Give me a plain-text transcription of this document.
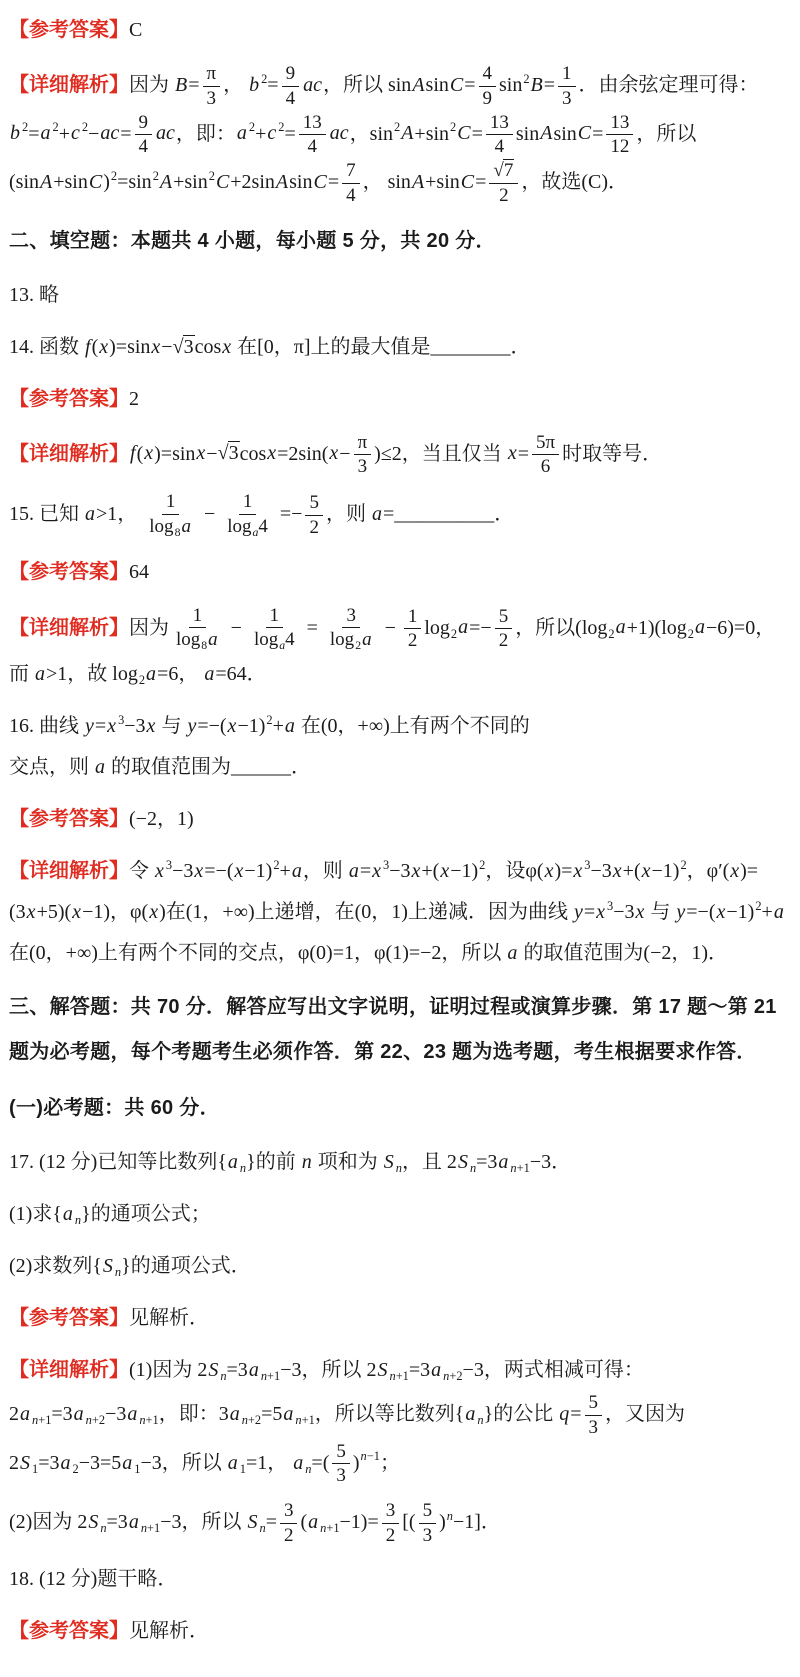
【参考答案】C
【详细解析】因为 $B= \frac{\pi}{3}$ ， b $^2= \frac{9}{4}$ ac，所以 sinAsinC= $\frac{4}{9} \sin^2B= \frac{1}{3}$ ．由余弦定理可得：b $^2$=a $^2$+c $^2-ac= \frac{9}{4}$ ac，即：a $^2$+c $^2= \frac{13}{4}$ ac，$\sin^2A+\sin^2C= \frac{13}{4}$ sinAsinC= $\frac{13}{12}$ ，所以$(\sin A+\sin C)^2=\sin^2A+\sin^2C+2sinAsinC= \frac{7}{4}$ ， $\sin A+\sin C= \frac{√7}{2}$ ，故选(C)．
二、填空题：本题共 4 小题，每小题 5 分，共 20 分．
13. 略
14. 函数 f(x)=sinx−√3cosx 在[0，π]上的最大值是________．
【参考答案】2
【详细解析】$f(x)=\sin x-√3\cos x=2\sin(x- \frac{\pi}{3} )\le 2$，当且仅当 $x= \frac{5\pi}{6}$ 时取等号．
15. 已知 a>1， $\frac{1}{\log_8a} - \frac{1}{\log_a4} =- \frac{5}{2}$ ，则 a=__________．
【参考答案】64
【详细解析】因为 $\frac{1}{\log_8a} - \frac{1}{\log_a4} = \frac{3}{\log_2a} - \frac{1}{2} \log_2a=- \frac{5}{2}$ ，所以$(\log_2a+1)(\log_2a-6)=0$，而 a>1，故 $\log_2a=6$， a=64．
16. 曲线 y=x $^3$−3x 与 $y=-(x-1)^2+a$ 在(0，+∞)上有两个不同的
交点，则 a 的取值范围为______．
【参考答案】(−2，1)
【详细解析】令 x $^3-3x=-(x-1)^2+a$，则 a=x $^3-3x+(x-1)^2$，设φ(x)=x $^3-3x+(x-1)^2$，φ′(x)=(3x+5)(x−1)，φ(x)在(1，+∞)上递增，在(0，1)上递减．因为曲线 y=x $^3$−3x 与 $y=-(x-1)^2+a$ 在(0，+∞)上有两个不同的交点，φ(0)=1，φ(1)=−2，所以 a 的取值范围为(−2，1)．
三、解答题：共 70 分．解答应写出文字说明，证明过程或演算步骤．第 17 题～第 21 题为必考题，每个考题考生必须作答．第 22、23 题为选考题，考生根据要求作答．
(一)必考题：共 60 分．
17. (12 分)已知等比数列{a $_n$}的前 n 项和为 S $_n$，且 2S $_n$=3a $_{n+1}$−3．
(1)求{a $_n$}的通项公式；
(2)求数列{S $_n$}的通项公式．
【参考答案】见解析．
【详细解析】(1)因为 2S $_n$=3a $_{n+1}$−3，所以 2S $_{n+1}$=3a $_{n+2}$−3，两式相减可得：2a $_{n+1}$=3a $_{n+2}$−3a $_{n+1}$，即：3a $_{n+2}$=5a $_{n+1}$，所以等比数列{a $_n$}的公比 $q= \frac{5}{3}$ ，又因为 2S $_1$=3a $_2$−3=5a $_1$−3，所以 a $_1$=1， a $_n=( \frac{5}{3} )^{n-1}$；
(2)因为 2S $_n$=3a $_{n+1}$−3，所以 S $_n= \frac{3}{2} (a$ $_{n+1}-1)= \frac{3}{2}$ [( $\frac{5}{3} )^n-1$]．
18. (12 分)题干略．
【参考答案】见解析．
